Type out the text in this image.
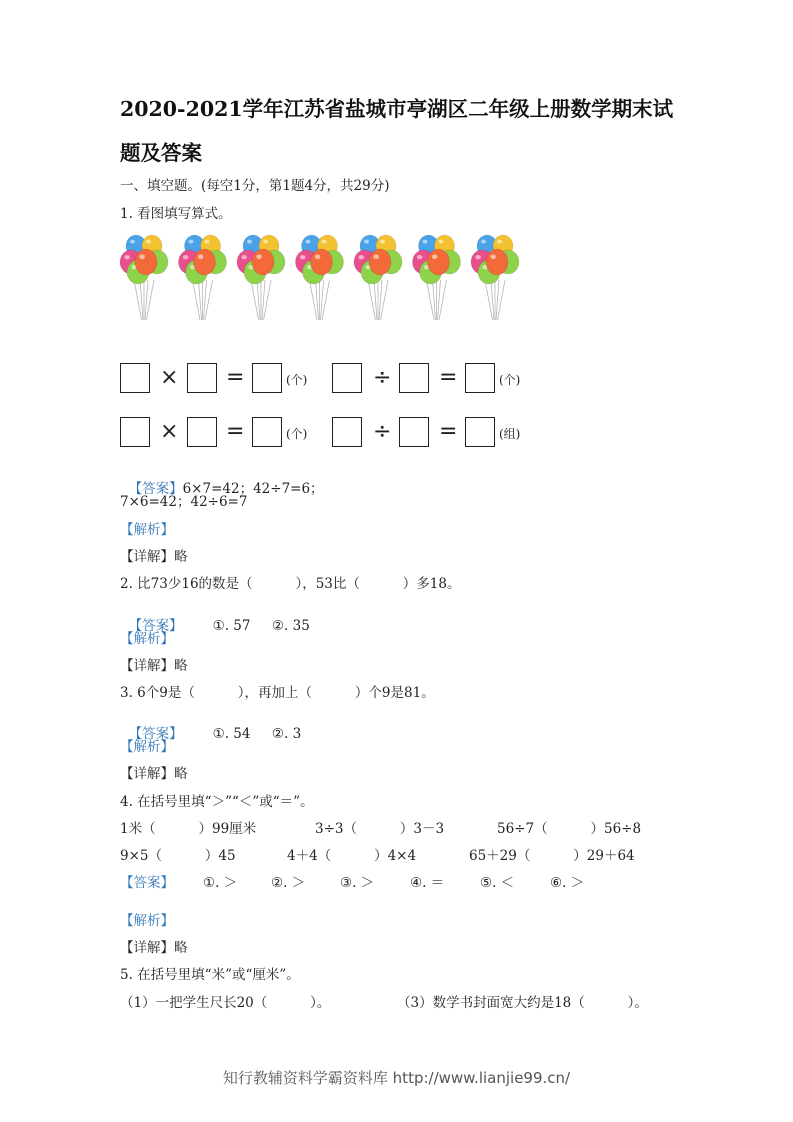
2020-2021学年江苏省盐城市亭湖区二年级上册数学期末试
题及答案
一、填空题。(每空1分，第1题4分，共29分)
1. 看图填写算式。
× =	(个)	÷ =	(个)
× =	(个)	÷ =	(组)

【答案】6×7=42；42÷7=6；

7×6=42；42÷6=7
【解析】
【详解】略
2. 比73少16的数是（          ），53比（          ）多18。

【答案】 ①. 57     ②. 35

【解析】
【详解】略
3. 6个9是（          ），再加上（          ）个9是81。

【答案】 ①. 54     ②. 3

【解析】
【详解】略
4. 在括号里填“＞”“＜”或“＝”。
1米（          ）99厘米	3÷3（          ）3－3	56÷7（          ）56÷8
9×5（          ）45	4＋4（          ）4×4	65＋29（          ）29＋64
【答案】 ①. ＞	②. ＞	③. ＞	④. ＝	⑤. ＜	⑥. ＞
【解析】
【详解】略
5. 在括号里填“米”或“厘米”。
（1）一把学生尺长20（          ）。	（3）数学书封面宽大约是18（          ）。
知行教辅资料学霸资料库 http://www.lianjie99.cn/
